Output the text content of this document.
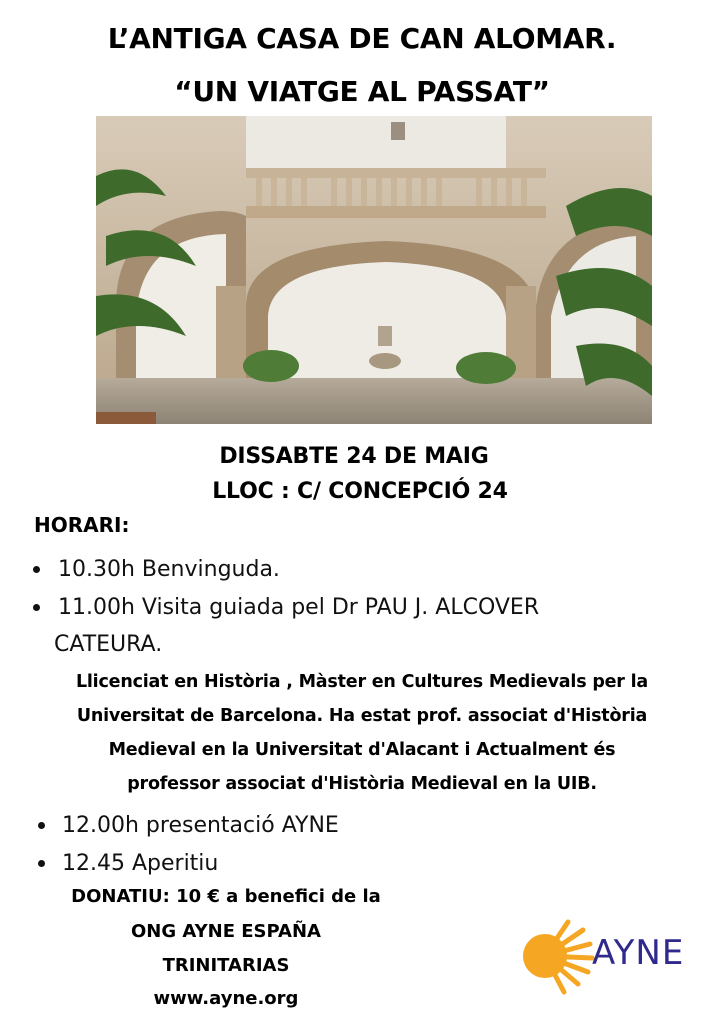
L’ANTIGA CASA DE CAN ALOMAR.
“UN VIATGE AL PASSAT”
DISSABTE 24 DE MAIG
LLOC : C/ CONCEPCIÓ 24
HORARI:
10.30h Benvinguda.
11.00h Visita guiada pel Dr PAU J. ALCOVER
CATEURA.
Llicenciat en Història , Màster en Cultures Medievals per la
Universitat de Barcelona. Ha estat prof. associat d'Història
Medieval en la Universitat d'Alacant i Actualment és
professor associat d'Història Medieval en la UIB.
12.00h presentació AYNE
12.45 Aperitiu
DONATIU: 10 € a benefici de la
ONG AYNE ESPAÑA
TRINITARIAS
www.ayne.org
AYNE
